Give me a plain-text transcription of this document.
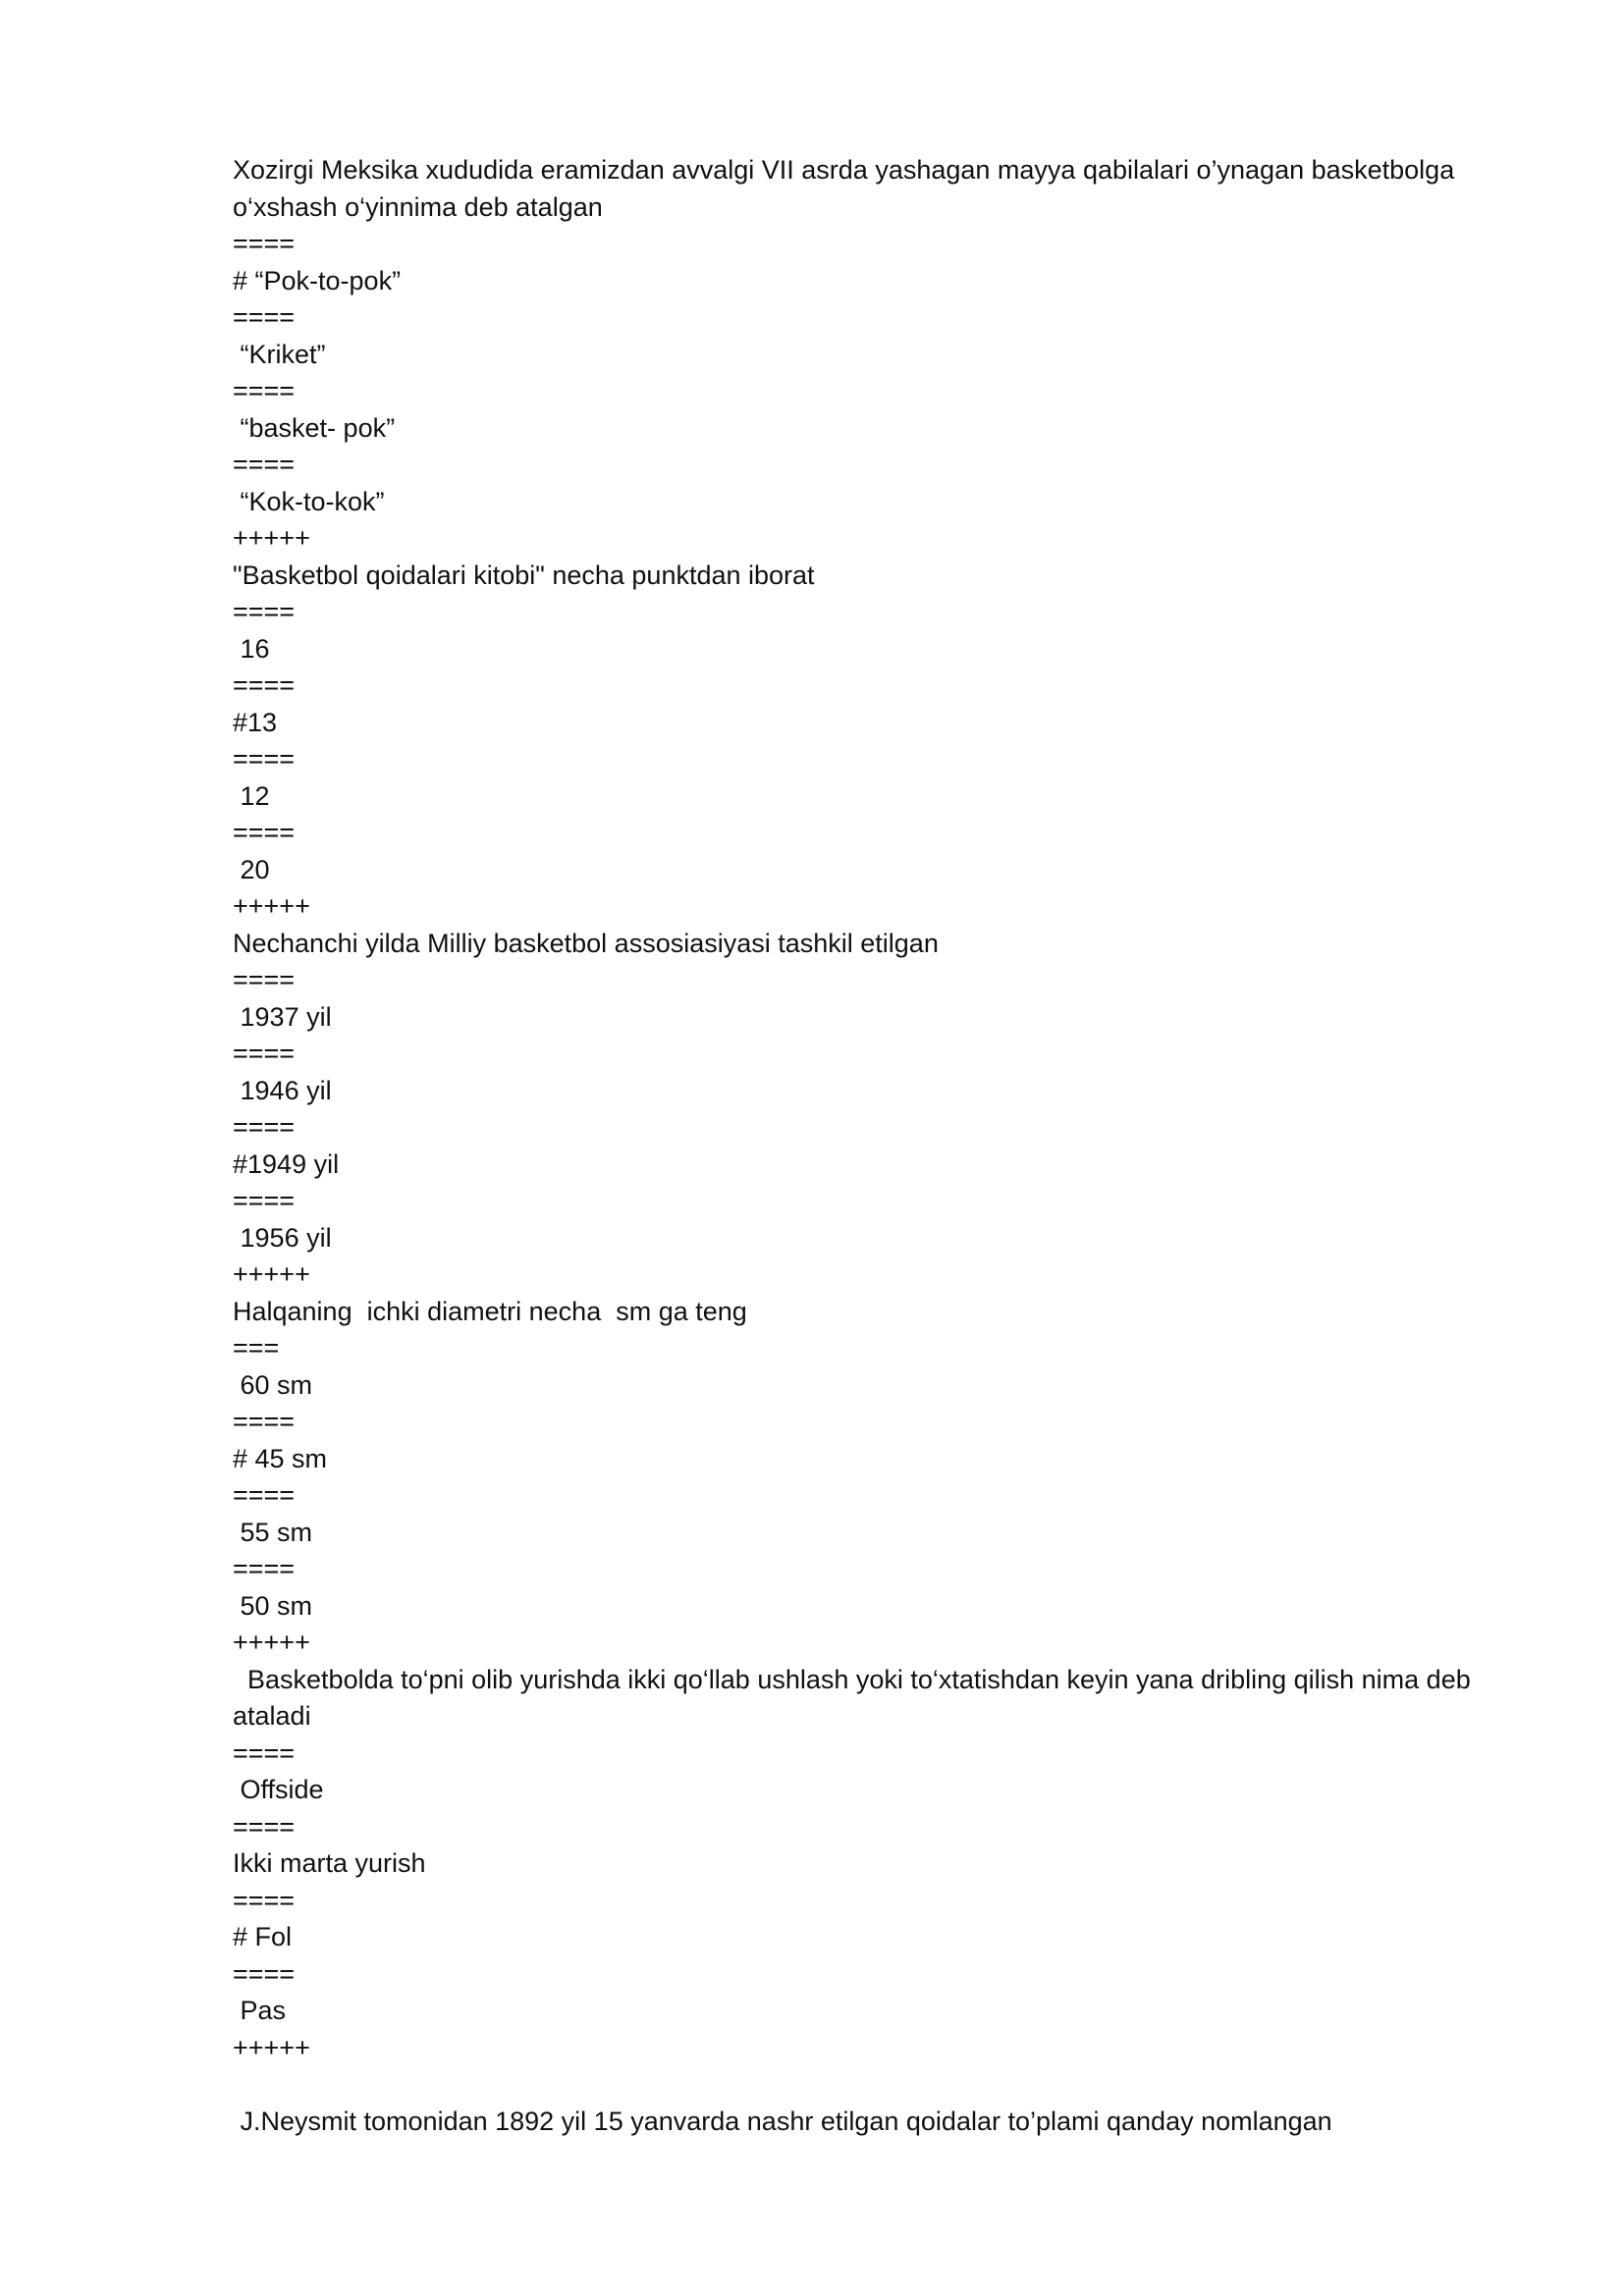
Xozirgi Meksika xududida eramizdan avvalgi VII asrda yashagan mayya qabilalari o’ynagan basketbolga o‘xshash o‘yinnima deb atalgan

====

# “Pok-to-pok”

====

“Kriket”

====

“basket- pok”

====

“Kok-to-kok”

+++++

"Basketbol qoidalari kitobi" necha punktdan iborat

====

16

====

#13

====

12

====

20

+++++

Nechanchi yilda Milliy basketbol assosiasiyasi tashkil etilgan

====

1937 yil

====

1946 yil

====

#1949 yil

====

1956 yil

+++++

Halqaning  ichki diametri necha  sm ga teng

===

60 sm

====

# 45 sm

====

55 sm

====

50 sm

+++++

Basketbolda to‘pni olib yurishda ikki qo‘llab ushlash yoki to‘xtatishdan keyin yana dribling qilish nima deb ataladi

====

Offside

====

Ikki marta yurish

====

# Fol

====

Pas

+++++

J.Neysmit tomonidan 1892 yil 15 yanvarda nashr etilgan qoidalar to’plami qanday nomlangan
